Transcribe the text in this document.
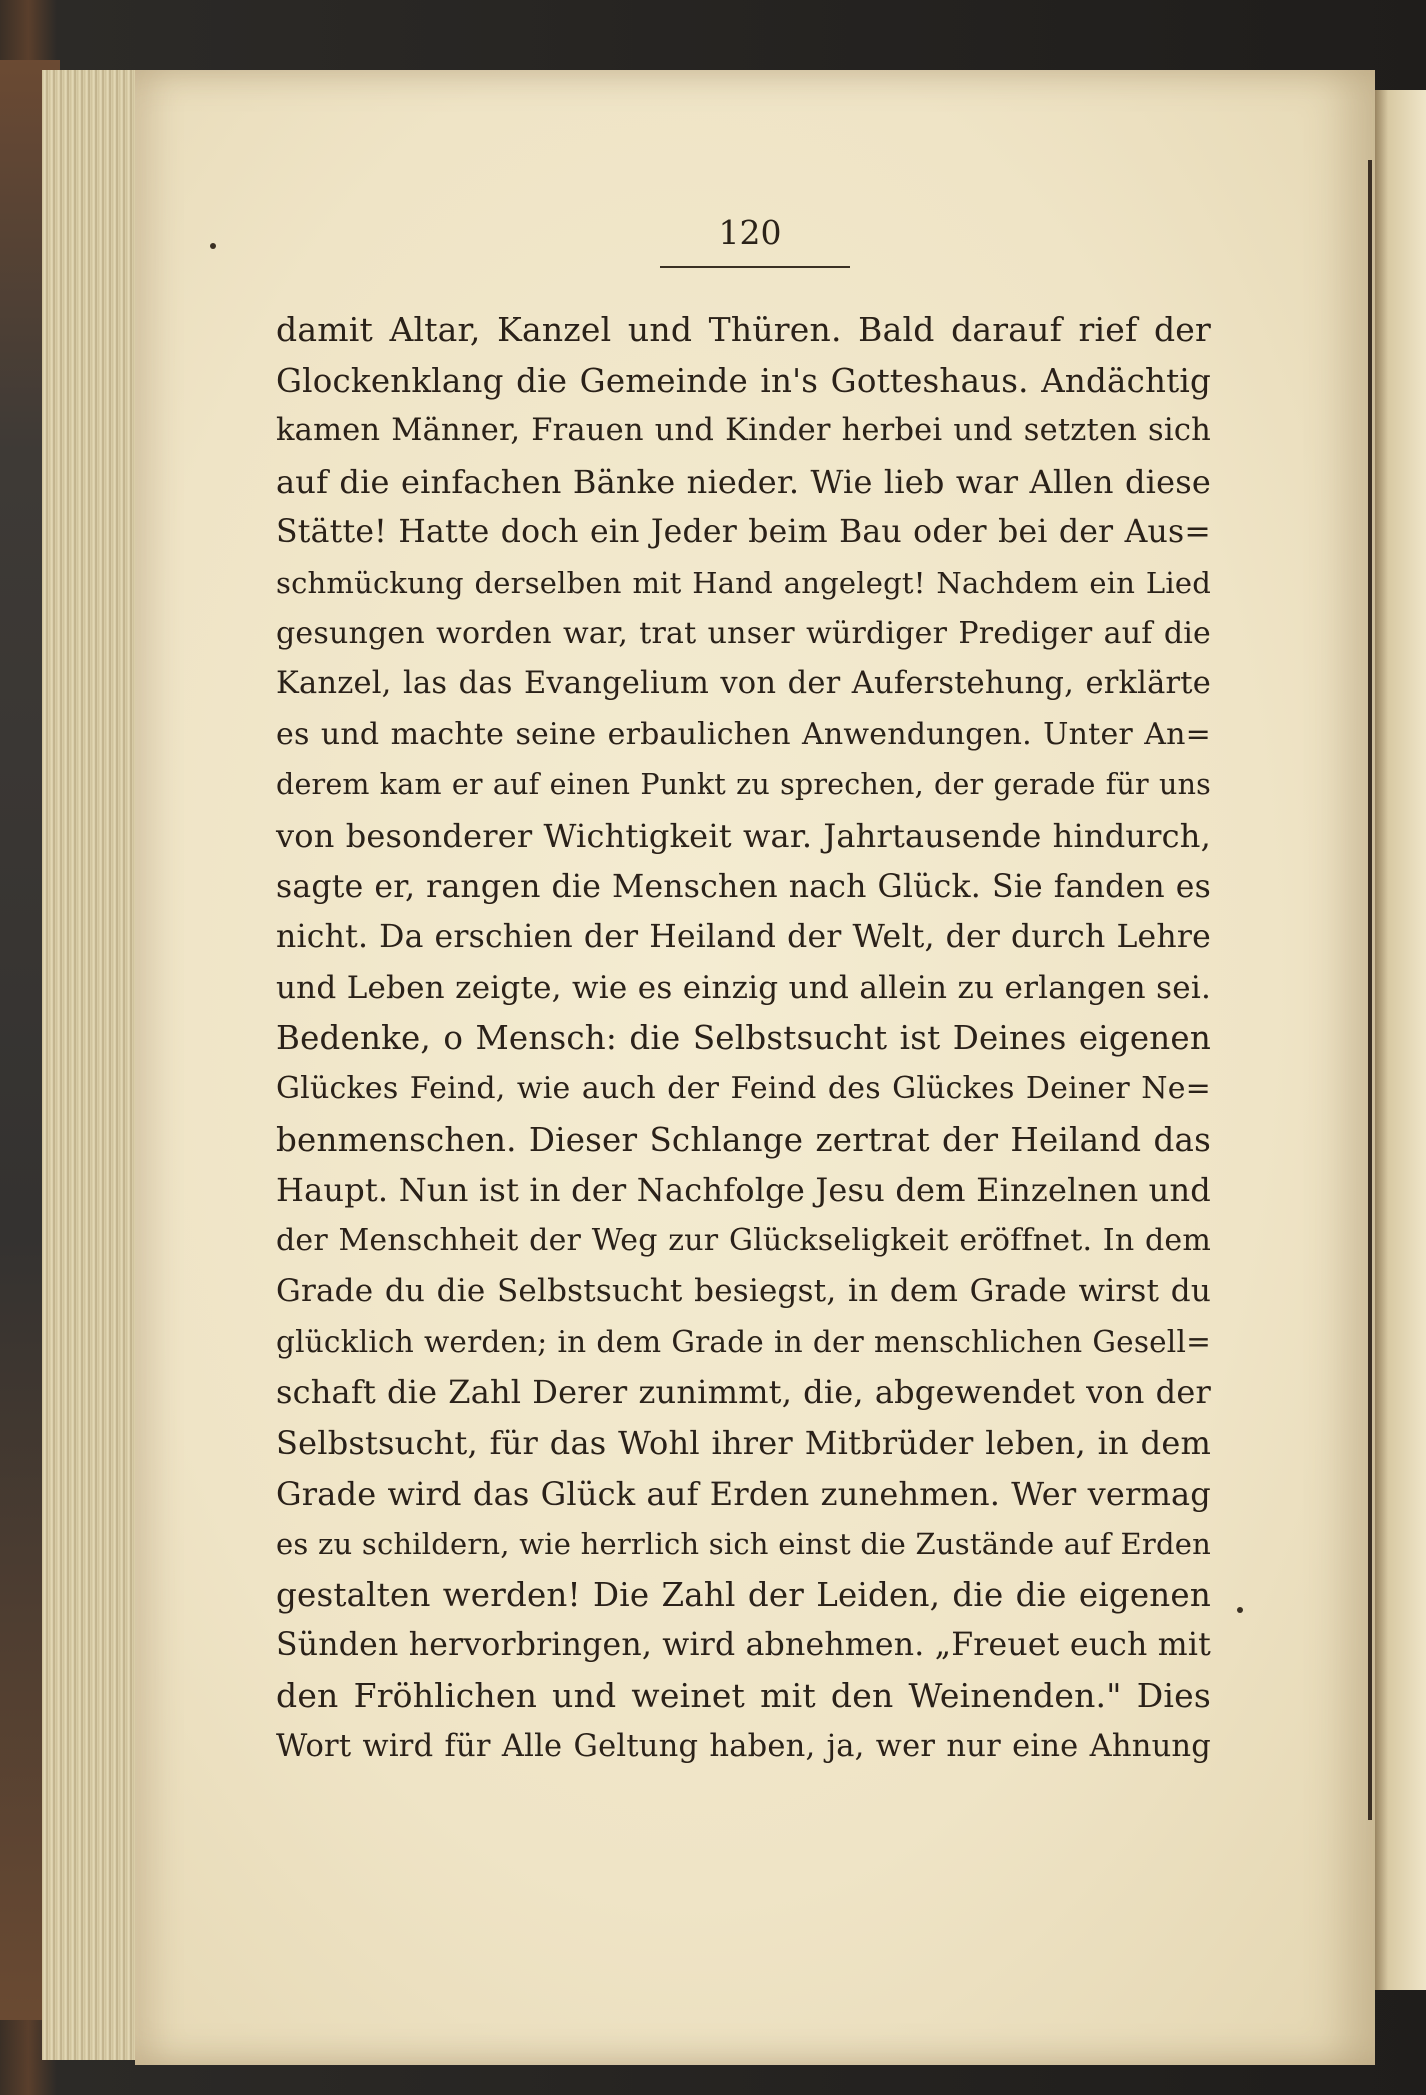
120
damit Altar, Kanzel und Thüren. Bald darauf rief der
Glockenklang die Gemeinde in's Gotteshaus. Andächtig
kamen Männer, Frauen und Kinder herbei und setzten sich
auf die einfachen Bänke nieder. Wie lieb war Allen diese
Stätte! Hatte doch ein Jeder beim Bau oder bei der Aus=
schmückung derselben mit Hand angelegt! Nachdem ein Lied
gesungen worden war, trat unser würdiger Prediger auf die
Kanzel, las das Evangelium von der Auferstehung, erklärte
es und machte seine erbaulichen Anwendungen. Unter An=
derem kam er auf einen Punkt zu sprechen, der gerade für uns
von besonderer Wichtigkeit war. Jahrtausende hindurch,
sagte er, rangen die Menschen nach Glück. Sie fanden es
nicht. Da erschien der Heiland der Welt, der durch Lehre
und Leben zeigte, wie es einzig und allein zu erlangen sei.
Bedenke, o Mensch: die Selbstsucht ist Deines eigenen
Glückes Feind, wie auch der Feind des Glückes Deiner Ne=
benmenschen. Dieser Schlange zertrat der Heiland das
Haupt. Nun ist in der Nachfolge Jesu dem Einzelnen und
der Menschheit der Weg zur Glückseligkeit eröffnet. In dem
Grade du die Selbstsucht besiegst, in dem Grade wirst du
glücklich werden; in dem Grade in der menschlichen Gesell=
schaft die Zahl Derer zunimmt, die, abgewendet von der
Selbstsucht, für das Wohl ihrer Mitbrüder leben, in dem
Grade wird das Glück auf Erden zunehmen. Wer vermag
es zu schildern, wie herrlich sich einst die Zustände auf Erden
gestalten werden! Die Zahl der Leiden, die die eigenen
Sünden hervorbringen, wird abnehmen. „Freuet euch mit
den Fröhlichen und weinet mit den Weinenden." Dies
Wort wird für Alle Geltung haben, ja, wer nur eine Ahnung
